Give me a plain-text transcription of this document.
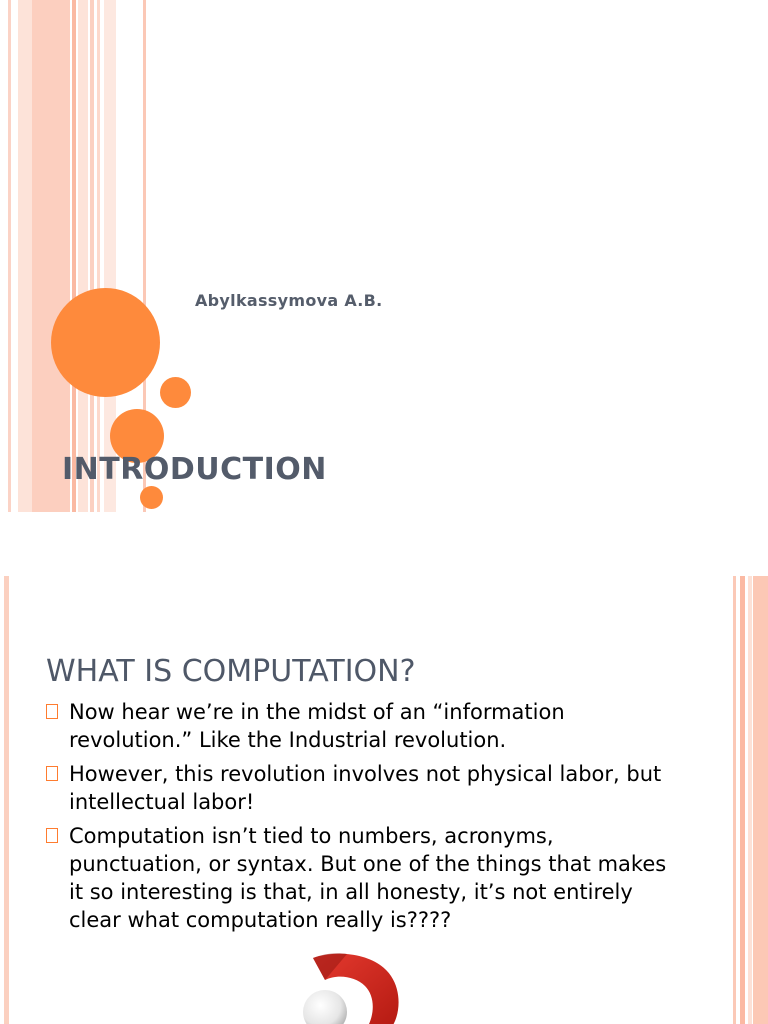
Abylkassymova A.B.
INTRODUCTION
WHAT IS COMPUTATION?
Now hear we’re in the midst of an “information revolution.” Like the Industrial revolution.
However, this revolution involves not physical labor, but intellectual labor!
Computation isn’t tied to numbers, acronyms, punctuation, or syntax. But one of the things that makes it so interesting is that, in all honesty, it’s not entirely clear what computation really is????
